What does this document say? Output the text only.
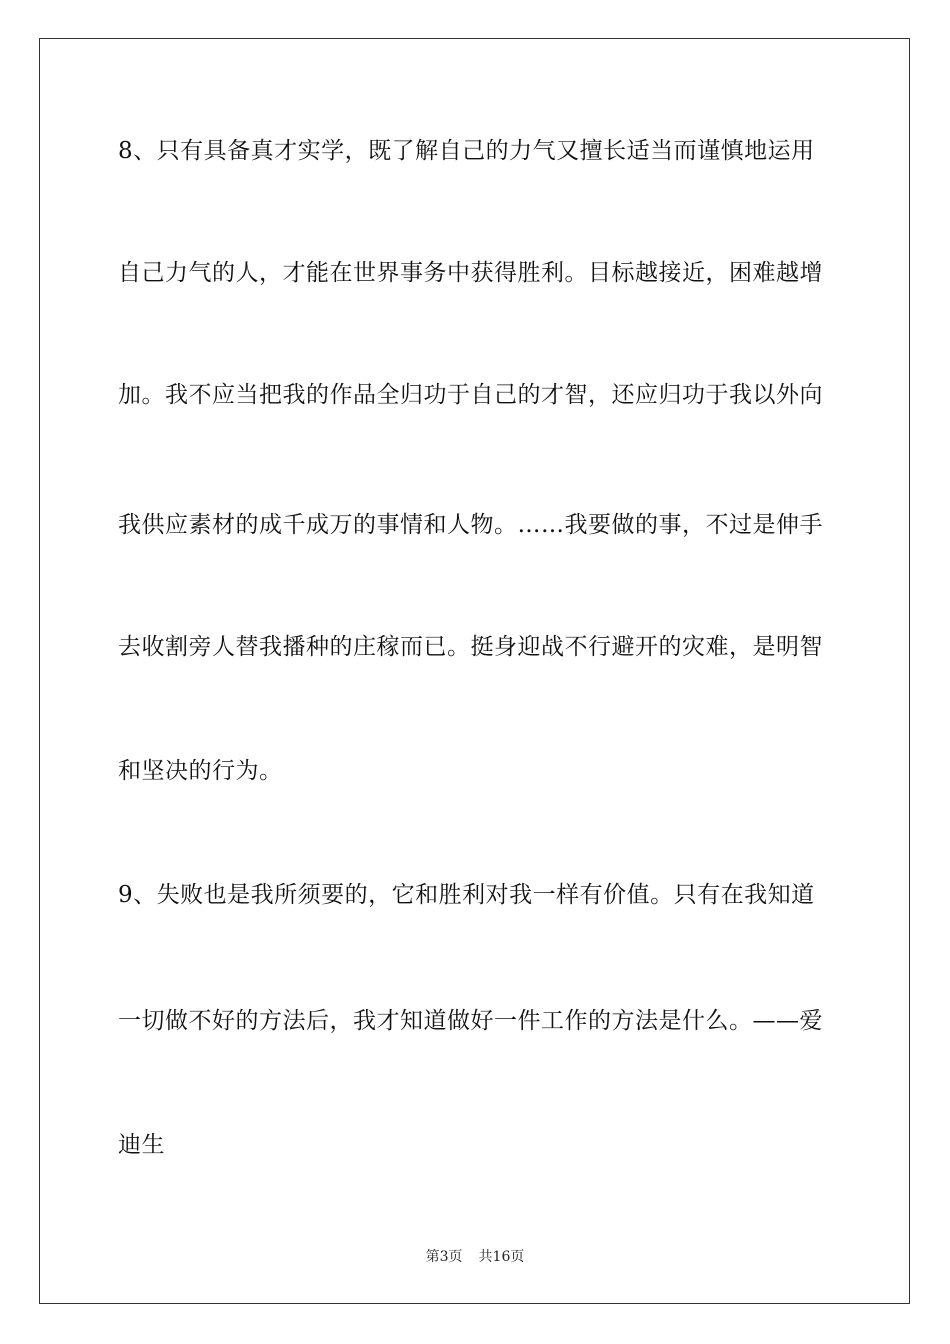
8、只有具备真才实学，既了解自己的力气又擅长适当而谨慎地运用
自己力气的人，才能在世界事务中获得胜利。目标越接近，困难越增
加。我不应当把我的作品全归功于自己的才智，还应归功于我以外向
我供应素材的成千成万的事情和人物。……我要做的事，不过是伸手
去收割旁人替我播种的庄稼而已。挺身迎战不行避开的灾难，是明智
和坚决的行为。
9、失败也是我所须要的，它和胜利对我一样有价值。只有在我知道
一切做不好的方法后，我才知道做好一件工作的方法是什么。——爱
迪生
第3页 共16页
